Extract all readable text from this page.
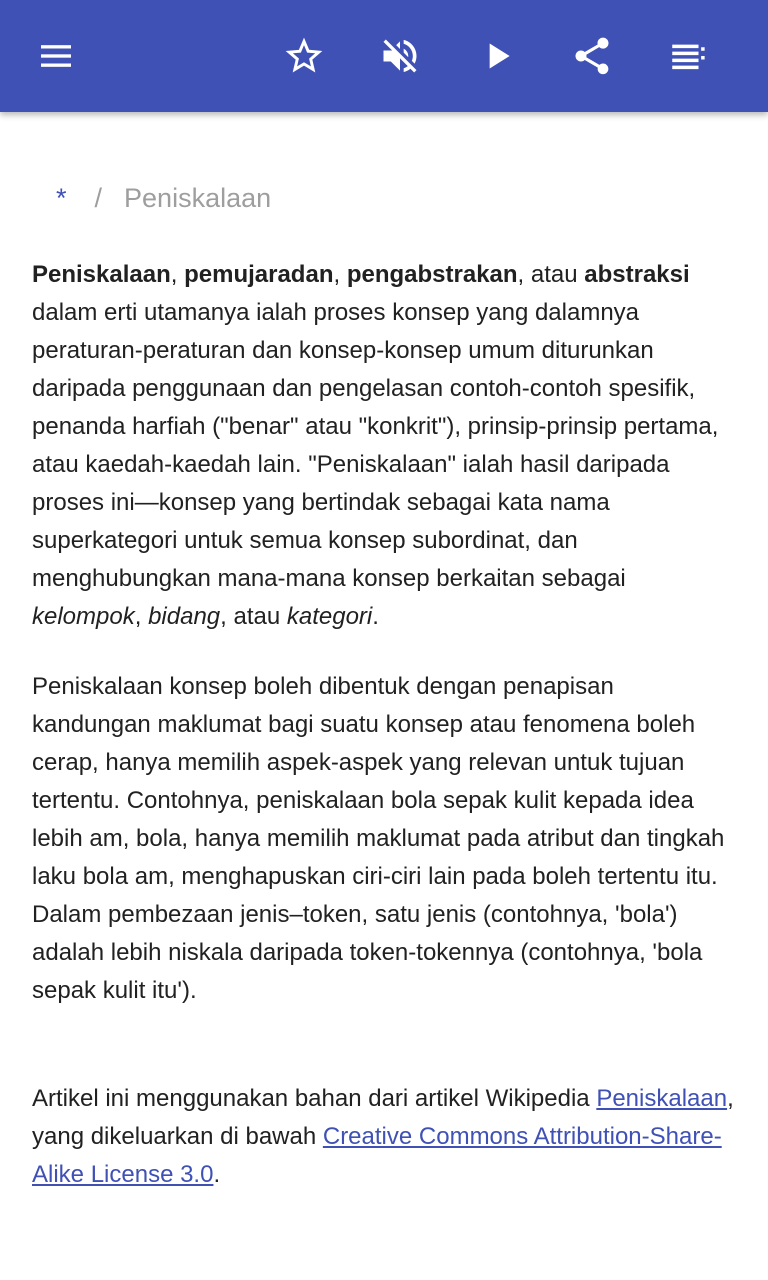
* / Peniskalaan

Peniskalaan, pemujaradan, pengabstrakan, atau abstraksi dalam erti utamanya ialah proses konsep yang dalamnya peraturan-peraturan dan konsep-konsep umum diturunkan daripada penggunaan dan pengelasan contoh-contoh spesifik, penanda harfiah ("benar" atau "konkrit"), prinsip-prinsip pertama, atau kaedah-kaedah lain. "Peniskalaan" ialah hasil daripada proses ini—konsep yang bertindak sebagai kata nama superkategori untuk semua konsep subordinat, dan menghubungkan mana-mana konsep berkaitan sebagai kelompok, bidang, atau kategori.

Peniskalaan konsep boleh dibentuk dengan penapisan kandungan maklumat bagi suatu konsep atau fenomena boleh cerap, hanya memilih aspek-aspek yang relevan untuk tujuan tertentu. Contohnya, peniskalaan bola sepak kulit kepada idea lebih am, bola, hanya memilih maklumat pada atribut dan tingkah laku bola am, menghapuskan ciri-ciri lain pada boleh tertentu itu. Dalam pembezaan jenis–token, satu jenis (contohnya, 'bola') adalah lebih niskala daripada token-tokennya (contohnya, 'bola sepak kulit itu').

Artikel ini menggunakan bahan dari artikel Wikipedia Peniskalaan, yang dikeluarkan di bawah Creative Commons Attribution-Share-Alike License 3.0.
